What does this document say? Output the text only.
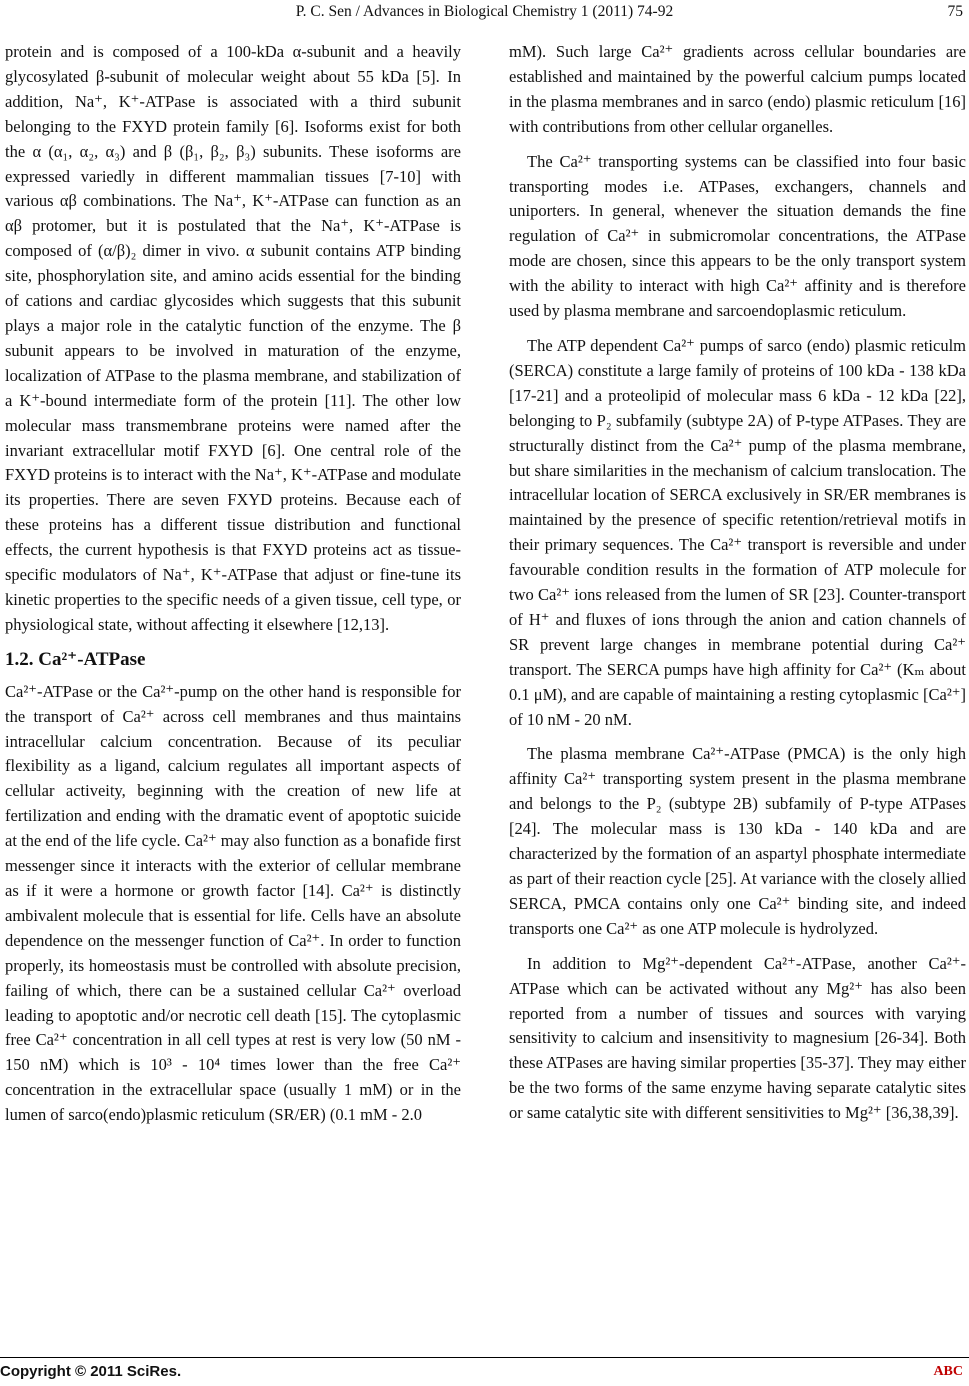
P. C. Sen / Advances in Biological Chemistry 1 (2011) 74-92	75

protein and is composed of a 100-kDa α-subunit and a heavily glycosylated β-subunit of molecular weight about 55 kDa [5]. In addition, Na⁺, K⁺-ATPase is associated with a third subunit belonging to the FXYD protein family [6]. Isoforms exist for both the α (α₁, α₂, α₃) and β (β₁, β₂, β₃) subunits. These isoforms are expressed variedly in different mammalian tissues [7-10] with various αβ combinations. The Na⁺, K⁺-ATPase can function as an αβ protomer, but it is postulated that the Na⁺, K⁺-ATPase is composed of (α/β)₂ dimer in vivo. α subunit contains ATP binding site, phosphorylation site, and amino acids essential for the binding of cations and cardiac glycosides which suggests that this subunit plays a major role in the catalytic function of the enzyme. The β subunit appears to be involved in maturation of the enzyme, localization of ATPase to the plasma membrane, and stabilization of a K⁺-bound intermediate form of the protein [11]. The other low molecular mass transmembrane proteins were named after the invariant extracellular motif FXYD [6]. One central role of the FXYD proteins is to interact with the Na⁺, K⁺-ATPase and modulate its properties. There are seven FXYD proteins. Because each of these proteins has a different tissue distribution and functional effects, the current hypothesis is that FXYD proteins act as tissue-specific modulators of Na⁺, K⁺-ATPase that adjust or fine-tune its kinetic properties to the specific needs of a given tissue, cell type, or physiological state, without affecting it elsewhere [12,13].

1.2. Ca²⁺-ATPase

Ca²⁺-ATPase or the Ca²⁺-pump on the other hand is responsible for the transport of Ca²⁺ across cell membranes and thus maintains intracellular calcium concentration. Because of its peculiar flexibility as a ligand, calcium regulates all important aspects of cellular activeity, beginning with the creation of new life at fertilization and ending with the dramatic event of apoptotic suicide at the end of the life cycle. Ca²⁺ may also function as a bonafide first messenger since it interacts with the exterior of cellular membrane as if it were a hormone or growth factor [14]. Ca²⁺ is distinctly ambivalent molecule that is essential for life. Cells have an absolute dependence on the messenger function of Ca²⁺. In order to function properly, its homeostasis must be controlled with absolute precision, failing of which, there can be a sustained cellular Ca²⁺ overload leading to apoptotic and/or necrotic cell death [15]. The cytoplasmic free Ca²⁺ concentration in all cell types at rest is very low (50 nM - 150 nM) which is 10³ - 10⁴ times lower than the free Ca²⁺ concentration in the extracellular space (usually 1 mM) or in the lumen of sarco(endo)plasmic reticulum (SR/ER) (0.1 mM - 2.0

mM). Such large Ca²⁺ gradients across cellular boundaries are established and maintained by the powerful calcium pumps located in the plasma membranes and in sarco (endo) plasmic reticulum [16] with contributions from other cellular organelles.

The Ca²⁺ transporting systems can be classified into four basic transporting modes i.e. ATPases, exchangers, channels and uniporters. In general, whenever the situation demands the fine regulation of Ca²⁺ in submicromolar concentrations, the ATPase mode are chosen, since this appears to be the only transport system with the ability to interact with high Ca²⁺ affinity and is therefore used by plasma membrane and sarcoendoplasmic reticulum.

The ATP dependent Ca²⁺ pumps of sarco (endo) plasmic reticulm (SERCA) constitute a large family of proteins of 100 kDa - 138 kDa [17-21] and a proteolipid of molecular mass 6 kDa - 12 kDa [22], belonging to P₂ subfamily (subtype 2A) of P-type ATPases. They are structurally distinct from the Ca²⁺ pump of the plasma membrane, but share similarities in the mechanism of calcium translocation. The intracellular location of SERCA exclusively in SR/ER membranes is maintained by the presence of specific retention/retrieval motifs in their primary sequences. The Ca²⁺ transport is reversible and under favourable condition results in the formation of ATP molecule for two Ca²⁺ ions released from the lumen of SR [23]. Counter-transport of H⁺ and fluxes of ions through the anion and cation channels of SR prevent large changes in membrane potential during Ca²⁺ transport. The SERCA pumps have high affinity for Ca²⁺ (Kₘ about 0.1 μM), and are capable of maintaining a resting cytoplasmic [Ca²⁺] of 10 nM - 20 nM.

The plasma membrane Ca²⁺-ATPase (PMCA) is the only high affinity Ca²⁺ transporting system present in the plasma membrane and belongs to the P₂ (subtype 2B) subfamily of P-type ATPases [24]. The molecular mass is 130 kDa - 140 kDa and are characterized by the formation of an aspartyl phosphate intermediate as part of their reaction cycle [25]. At variance with the closely allied SERCA, PMCA contains only one Ca²⁺ binding site, and indeed transports one Ca²⁺ as one ATP molecule is hydrolyzed.

In addition to Mg²⁺-dependent Ca²⁺-ATPase, another Ca²⁺-ATPase which can be activated without any Mg²⁺ has also been reported from a number of tissues and sources with varying sensitivity to calcium and insensitivity to magnesium [26-34]. Both these ATPases are having similar properties [35-37]. They may either be the two forms of the same enzyme having separate catalytic sites or same catalytic site with different sensitivities to Mg²⁺ [36,38,39].

Copyright © 2011 SciRes.	ABC
